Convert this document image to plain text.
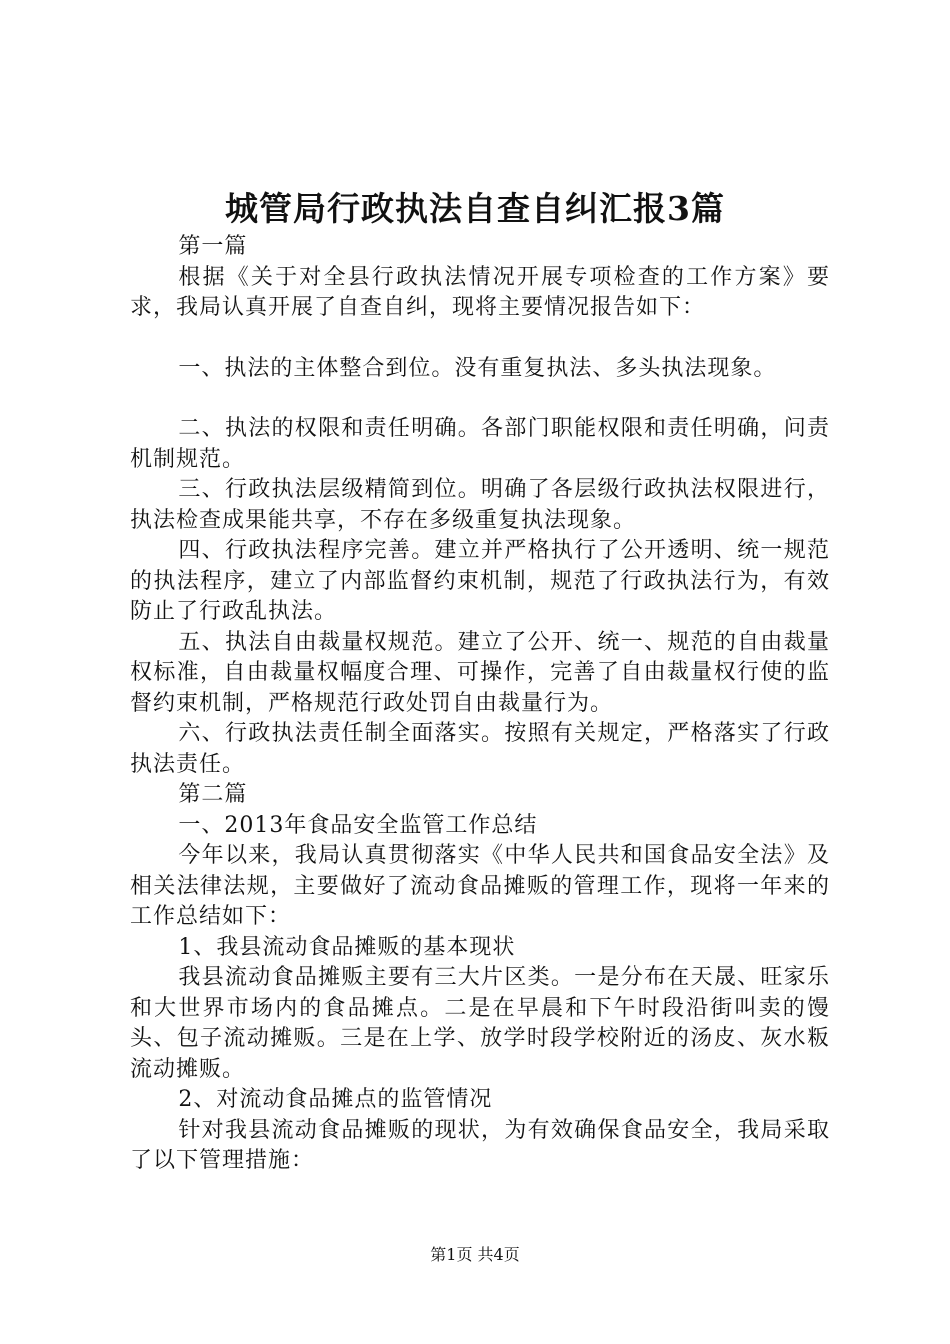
城管局行政执法自查自纠汇报3篇

第一篇

根据《关于对全县行政执法情况开展专项检查的工作方案》要求，我局认真开展了自查自纠，现将主要情况报告如下：

一、执法的主体整合到位。没有重复执法、多头执法现象。

二、执法的权限和责任明确。各部门职能权限和责任明确，问责机制规范。

三、行政执法层级精简到位。明确了各层级行政执法权限进行，执法检查成果能共享，不存在多级重复执法现象。

四、行政执法程序完善。建立并严格执行了公开透明、统一规范的执法程序，建立了内部监督约束机制，规范了行政执法行为，有效防止了行政乱执法。

五、执法自由裁量权规范。建立了公开、统一、规范的自由裁量权标准，自由裁量权幅度合理、可操作，完善了自由裁量权行使的监督约束机制，严格规范行政处罚自由裁量行为。

六、行政执法责任制全面落实。按照有关规定，严格落实了行政执法责任。

第二篇

一、2013年食品安全监管工作总结

今年以来，我局认真贯彻落实《中华人民共和国食品安全法》及相关法律法规，主要做好了流动食品摊贩的管理工作，现将一年来的工作总结如下：

1、我县流动食品摊贩的基本现状

我县流动食品摊贩主要有三大片区类。一是分布在天晟、旺家乐和大世界市场内的食品摊点。二是在早晨和下午时段沿街叫卖的馒头、包子流动摊贩。三是在上学、放学时段学校附近的汤皮、灰水粄流动摊贩。

2、对流动食品摊点的监管情况

针对我县流动食品摊贩的现状，为有效确保食品安全，我局采取了以下管理措施：

第1页 共4页
